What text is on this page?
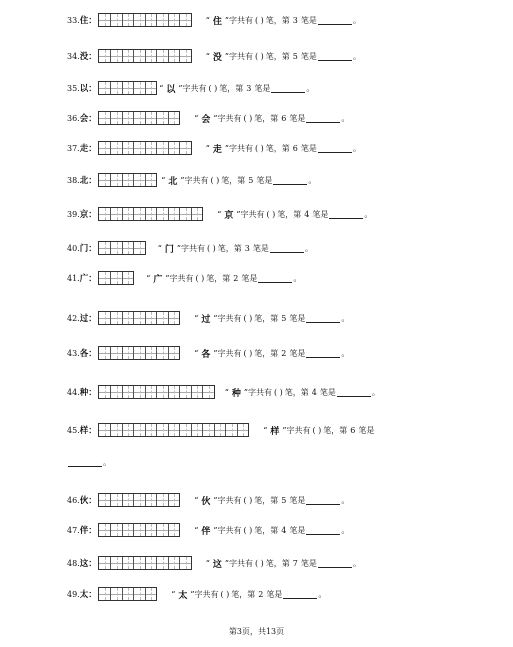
33. 住 ：	“ 住 ”字共有 ( ) 笔，第 3 笔是	。
34. 没 ：	“ 没 ”字共有 ( ) 笔，第 5 笔是	。
35. 以 ：	“ 以 ”字共有 ( ) 笔，第 3 笔是	。
36. 会 ：	“ 会 ”字共有 ( ) 笔，第 6 笔是	。
37. 走 ：	“ 走 ”字共有 ( ) 笔，第 6 笔是	。
38. 北 ：	“ 北 ”字共有 ( ) 笔，第 5 笔是	。
39. 京 ：	“ 京 ”字共有 ( ) 笔，第 4 笔是	。
40. 门 ：	“ 门 ”字共有 ( ) 笔，第 3 笔是	。
41. 广 ：	“ 广 ”字共有 ( ) 笔，第 2 笔是	。
42. 过 ：	“ 过 ”字共有 ( ) 笔，第 5 笔是	。
43. 各 ：	“ 各 ”字共有 ( ) 笔，第 2 笔是	。
44. 种 ：	“ 种 ”字共有 ( ) 笔，第 4 笔是	。
45. 样 ：	“ 样 ”字共有 ( ) 笔，第 6 笔是
46. 伙 ：	“ 伙 ”字共有 ( ) 笔，第 5 笔是	。
47. 伴 ：	“ 伴 ”字共有 ( ) 笔，第 4 笔是	。
48. 这 ：	“ 这 ”字共有 ( ) 笔，第 7 笔是	。
49. 太 ：	“ 太 ”字共有 ( ) 笔，第 2 笔是	。
。
第3页，共13页
